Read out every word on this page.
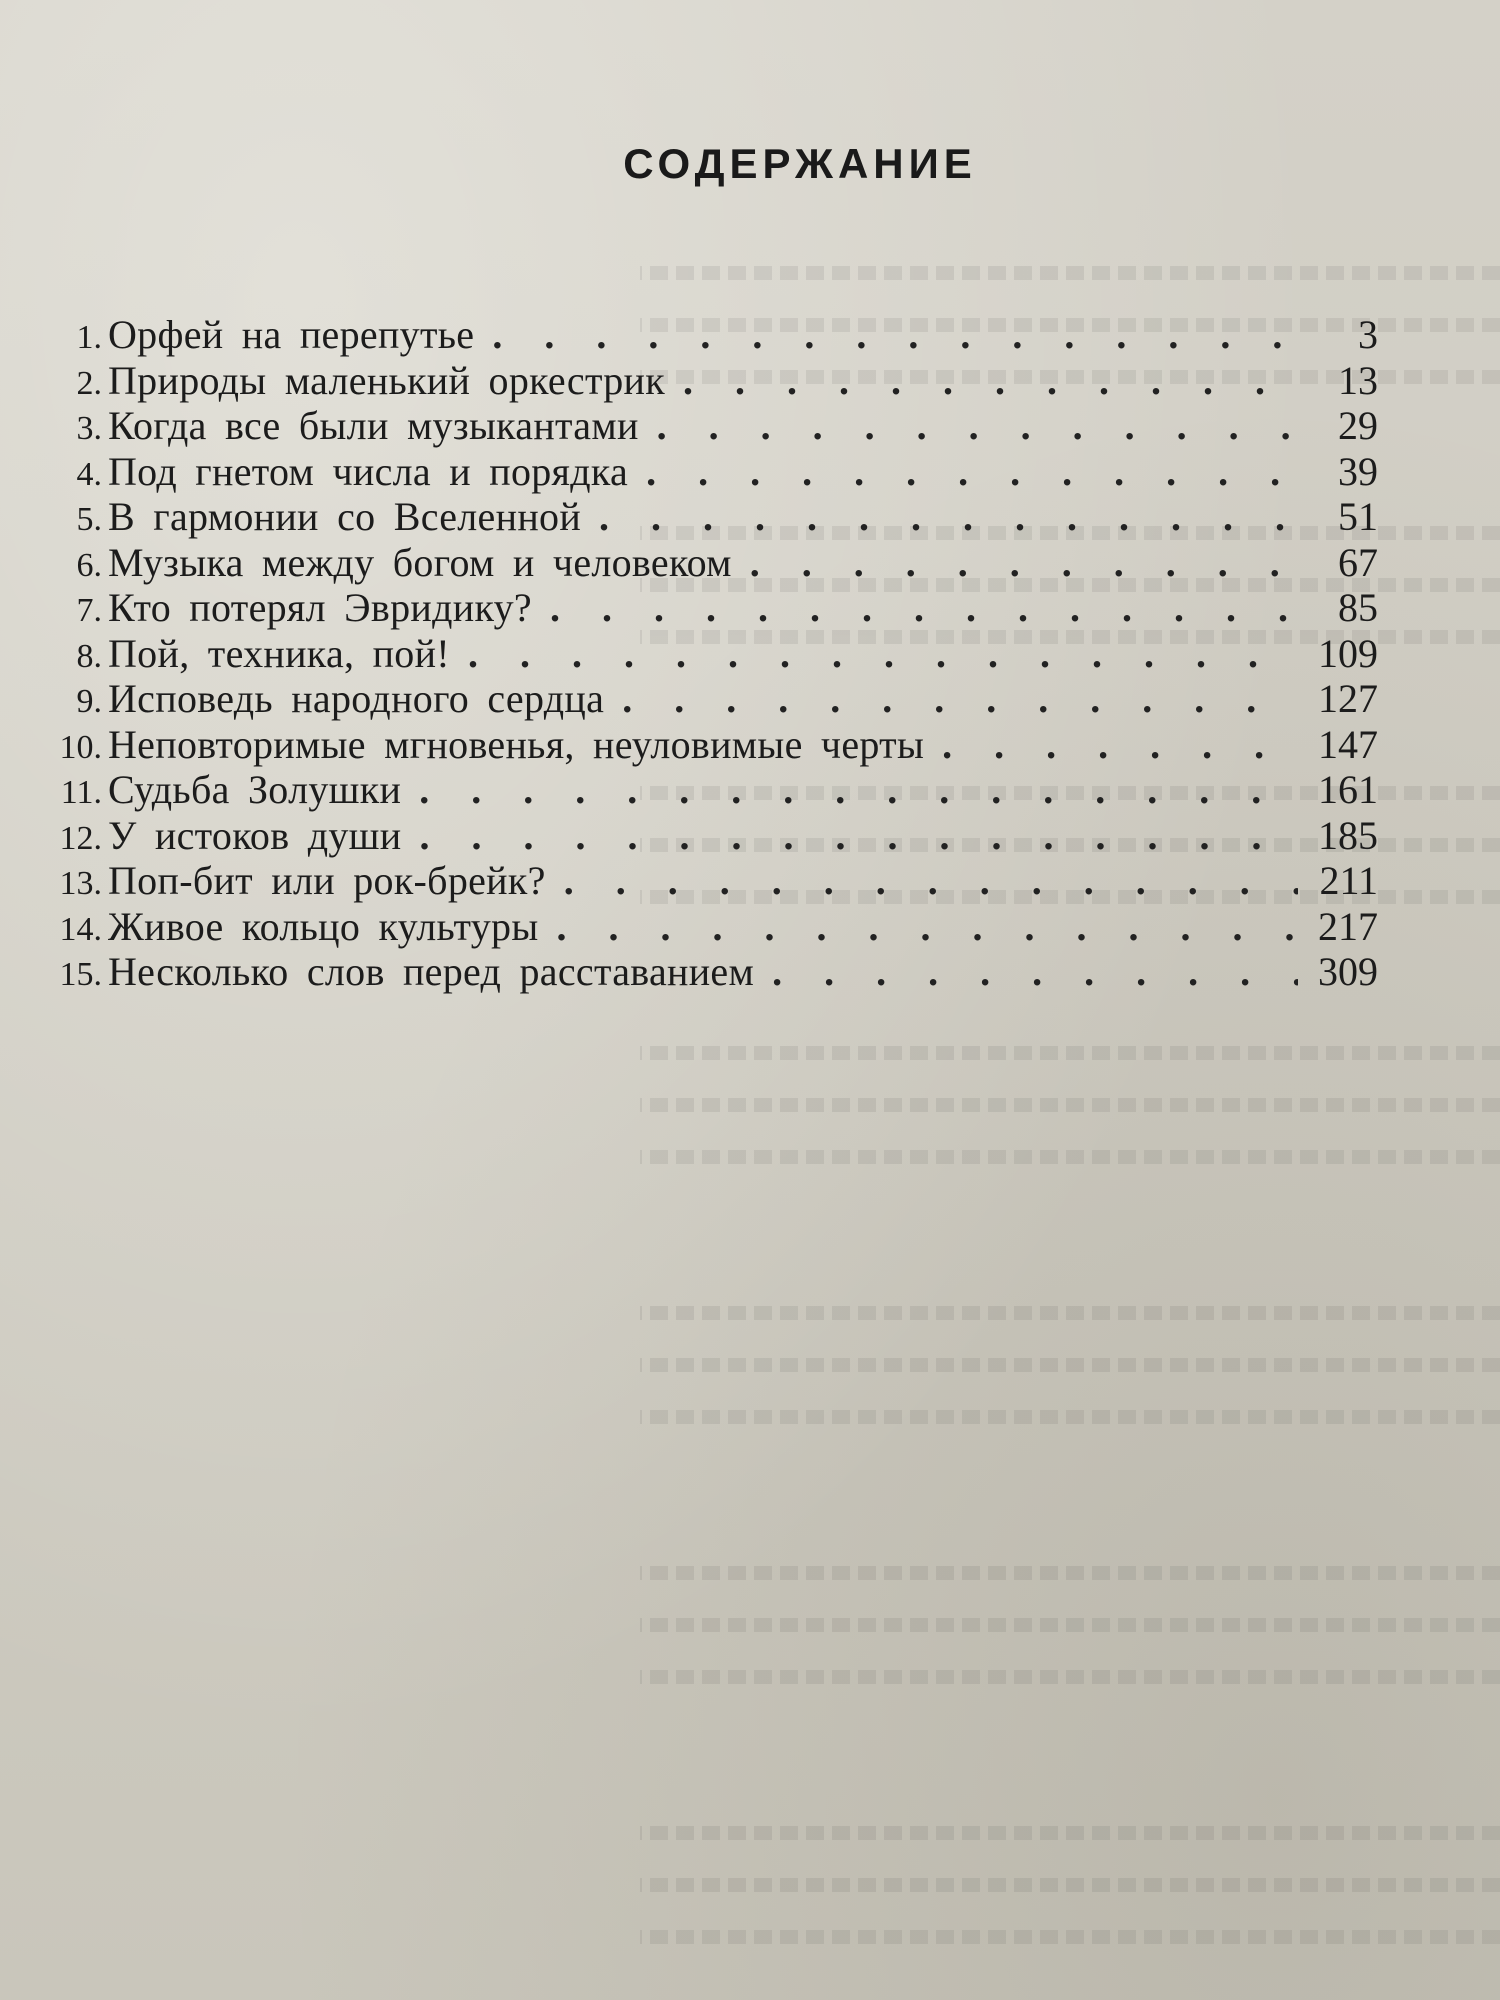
СОДЕРЖАНИЕ
1. Орфей на перепутье . . .	3
2. Природы маленький оркестрик . . .	13
3. Когда все были музыкантами . . .	29
4. Под гнетом числа и порядка . . .	39
5. В гармонии со Вселенной . . .	51
6. Музыка между богом и человеком . . .	67
7. Кто потерял Эвридику? . . .	85
8. Пой, техника, пой! . . .	109
9. Исповедь народного сердца . . .	127
10. Неповторимые мгновенья, неуловимые черты . . .	147
11. Судьба Золушки . . .	161
12. У истоков души . . .	185
13. Поп-бит или рок-брейк? . . .	211
14. Живое кольцо культуры . . .	217
15. Несколько слов перед расставанием . . .	309
